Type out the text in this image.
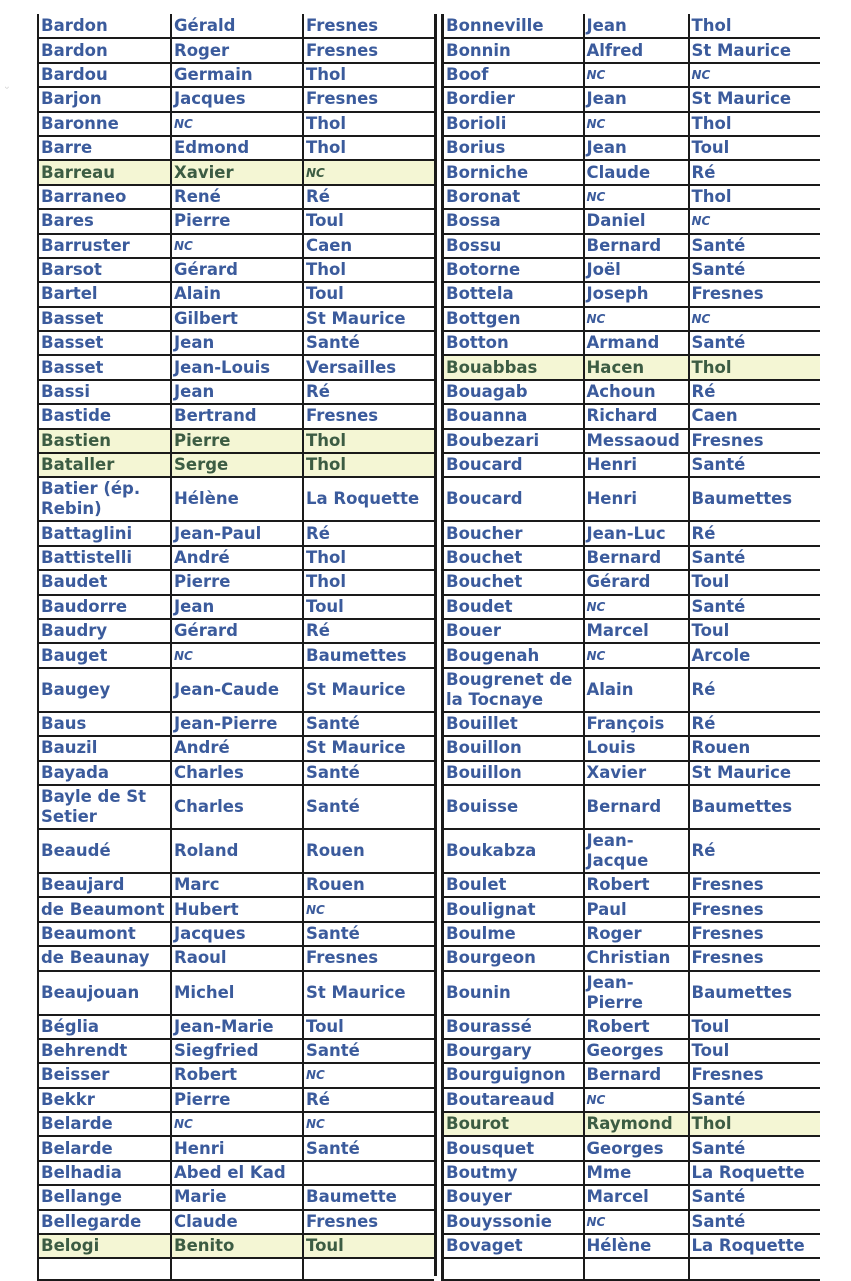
ᵕ
Bardon	Gérald	Fresnes
Bardon	Roger	Fresnes
Bardou	Germain	Thol
Barjon	Jacques	Fresnes
Baronne	NC	Thol
Barre	Edmond	Thol
Barreau	Xavier	NC
Barraneo	René	Ré
Bares	Pierre	Toul
Barruster	NC	Caen
Barsot	Gérard	Thol
Bartel	Alain	Toul
Basset	Gilbert	St Maurice
Basset	Jean	Santé
Basset	Jean-Louis	Versailles
Bassi	Jean	Ré
Bastide	Bertrand	Fresnes
Bastien	Pierre	Thol
Bataller	Serge	Thol
Batier (ép. Rebin)	Hélène	La Roquette
Battaglini	Jean-Paul	Ré
Battistelli	André	Thol
Baudet	Pierre	Thol
Baudorre	Jean	Toul
Baudry	Gérard	Ré
Bauget	NC	Baumettes
Baugey	Jean-Caude	St Maurice
Baus	Jean-Pierre	Santé
Bauzil	André	St Maurice
Bayada	Charles	Santé
Bayle de St Setier	Charles	Santé
Beaudé	Roland	Rouen
Beaujard	Marc	Rouen
de Beaumont	Hubert	NC
Beaumont	Jacques	Santé
de Beaunay	Raoul	Fresnes
Beaujouan	Michel	St Maurice
Béglia	Jean-Marie	Toul
Behrendt	Siegfried	Santé
Beisser	Robert	NC
Bekkr	Pierre	Ré
Belarde	NC	NC
Belarde	Henri	Santé
Belhadia	Abed el Kad	
Bellange	Marie	Baumette
Bellegarde	Claude	Fresnes
Belogi	Benito	Toul

Bonneville	Jean	Thol
Bonnin	Alfred	St Maurice
Boof	NC	NC
Bordier	Jean	St Maurice
Borioli	NC	Thol
Borius	Jean	Toul
Borniche	Claude	Ré
Boronat	NC	Thol
Bossa	Daniel	NC
Bossu	Bernard	Santé
Botorne	Joël	Santé
Bottela	Joseph	Fresnes
Bottgen	NC	NC
Botton	Armand	Santé
Bouabbas	Hacen	Thol
Bouagab	Achoun	Ré
Bouanna	Richard	Caen
Boubezari	Messaoud	Fresnes
Boucard	Henri	Santé
Boucard	Henri	Baumettes
Boucher	Jean-Luc	Ré
Bouchet	Bernard	Santé
Bouchet	Gérard	Toul
Boudet	NC	Santé
Bouer	Marcel	Toul
Bougenah	NC	Arcole
Bougrenet de la Tocnaye	Alain	Ré
Bouillet	François	Ré
Bouillon	Louis	Rouen
Bouillon	Xavier	St Maurice
Bouisse	Bernard	Baumettes
Boukabza	Jean-Jacque	Ré
Boulet	Robert	Fresnes
Boulignat	Paul	Fresnes
Boulme	Roger	Fresnes
Bourgeon	Christian	Fresnes
Bounin	Jean-Pierre	Baumettes
Bourassé	Robert	Toul
Bourgary	Georges	Toul
Bourguignon	Bernard	Fresnes
Boutareaud	NC	Santé
Bourot	Raymond	Thol
Bousquet	Georges	Santé
Boutmy	Mme	La Roquette
Bouyer	Marcel	Santé
Bouyssonie	NC	Santé
Bovaget	Hélène	La Roquette
